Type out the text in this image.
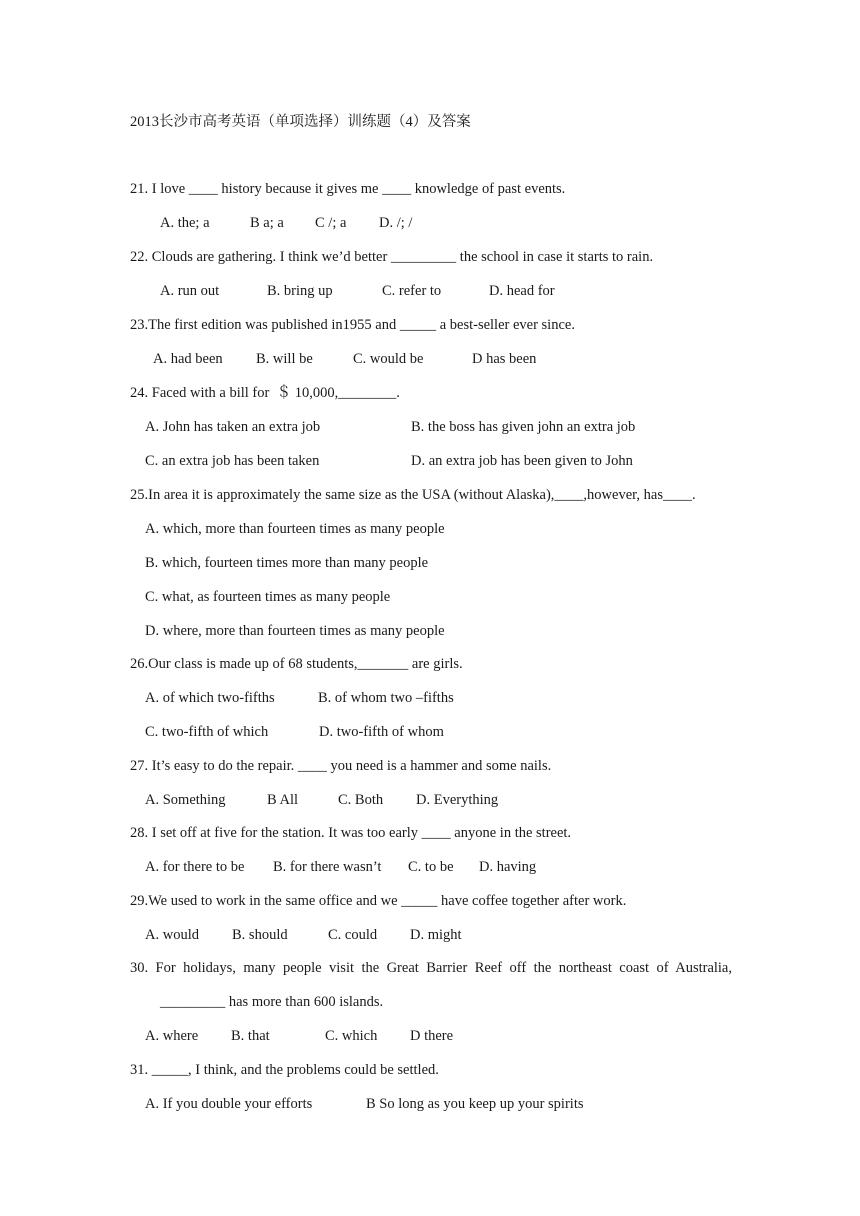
2013长沙市高考英语（单项选择）训练题（4）及答案
21. I love ____ history because it gives me ____ knowledge of past events.
A. the; a	B a; a C /; a D. /; /
22. Clouds are gathering. I think we’d better _________ the school in case it starts to rain.
A. run out	B. bring up	C. refer to	D. head for
23.The first edition was published in1955 and _____ a best-seller ever since.
A. had been B. will be	C. would be	D has been
24. Faced with a bill for  ＄ 10,000,________.
A. John has taken an extra job	B. the boss has given john an extra job
C. an extra job has been taken	D. an extra job has been given to John
25.In area it is approximately the same size as the USA (without Alaska),____,however, has____.
A. which, more than fourteen times as many people
B. which, fourteen times more than many people
C. what, as fourteen times as many people
D. where, more than fourteen times as many people
26.Our class is made up of 68 students,_______ are girls.
A. of which two-fifths	B. of whom two –fifths
C. two-fifth of which	D. two-fifth of whom
27. It’s easy to do the repair. ____ you need is a hammer and some nails.
A. Something	B All	C. Both D. Everything
28. I set off at five for the station. It was too early ____ anyone in the street.
A. for there to be B. for there wasn’t C. to be D. having
29.We used to work in the same office and we _____ have coffee together after work.
A. would B. should	C. could D. might
30. For holidays, many people visit the Great Barrier Reef off the northeast coast of Australia,
_________ has more than 600 islands.
A. where B. that	C. which D there
31. _____, I think, and the problems could be settled.
A. If you double your efforts	B So long as you keep up your spirits
